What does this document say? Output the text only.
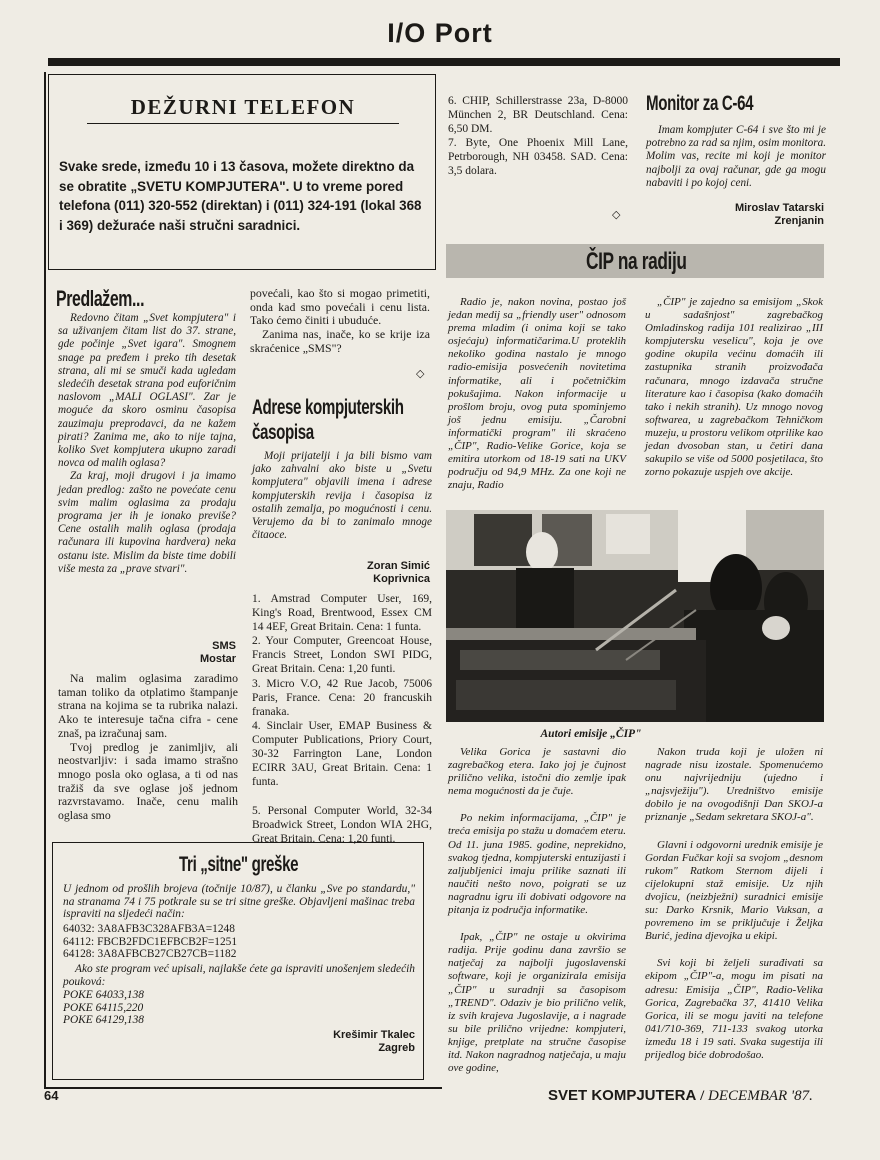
I/O Port
DEŽURNI TELEFON
Svake srede, između 10 i 13 časova, možete direktno da se obratite „SVETU KOMPJUTERA". U to vreme pored telefona (011) 320-552 (direktan) i (011) 324-191 (lokal 368 i 369) dežuraće naši stručni saradnici.
Predlažem...

Redovno čitam „Svet kompjutera" i sa uživanjem čitam list do 37. strane, gde počinje „Svet igara". Smognem snage pa pređem i preko tih desetak strana, ali mi se smuči kada ugledam sledećih desetak strana pod euforičnim naslovom „MALI OGLASI". Zar je moguće da skoro osminu časopisa zauzimaju preprodavci, da ne kažem pirati? Zanima me, ako to nije tajna, koliko Svet kompjutera ukupno zaradi novca od malih oglasa?

Za kraj, moji drugovi i ja imamo jedan predlog: zašto ne povećate cenu svim malim oglasima za prodaju programa jer ih je ionako previše? Cene ostalih malih oglasa (prodaja računara ili kupovina hardvera) neka ostanu iste. Mislim da biste time dobili više mesta za „prave stvari".

SMS
Mostar

Na malim oglasima zaradimo taman toliko da otplatimo štampanje strana na kojima se ta rubrika nalazi. Ako te interesuje tačna cifra - cene znaš, pa izračunaj sam.

Tvoj predlog je zanimljiv, ali neostvarljiv: i sada imamo strašno mnogo posla oko oglasa, a ti od nas tražiš da sve oglase još jednom razvrstavamo. Inače, cenu malih oglasa smo

povećali, kao što si mogao primetiti, onda kad smo povećali i cenu lista. Tako ćemo činiti i ubuduće.

Zanima nas, inače, ko se krije iza skraćenice „SMS"?

◇
Adrese kompjuterskih časopisa

Moji prijatelji i ja bili bismo vam jako zahvalni ako biste u „Svetu kompjutera" objavili imena i adrese kompjuterskih revija i časopisa iz ostalih zemalja, po mogućnosti i cenu. Verujemo da bi to zanimalo mnoge čitaoce.

Zoran Simić
Koprivnica

1. Amstrad Computer User, 169, King's Road, Brentwood, Essex CM 14 4EF, Great Britain. Cena: 1 funta.

2. Your Computer, Greencoat House, Francis Street, London SWI PIDG, Great Britain. Cena: 1,20 funti.

3. Micro V.O, 42 Rue Jacob, 75006 Paris, France. Cena: 20 francuskih franaka.

4. Sinclair User, EMAP Business & Computer Publications, Priory Court, 30-32 Farrington Lane, London ECIRR 3AU, Great Britain. Cena: 1 funta.

5. Personal Computer World, 32-34 Broadwick Street, London WIA 2HG, Great Britain. Cena: 1,20 funti.

6. CHIP, Schillerstrasse 23a, D-8000 München 2, BR Deutschland. Cena: 6,50 DM.

7. Byte, One Phoenix Mill Lane, Petrborough, NH 03458. SAD. Cena: 3,5 dolara.

◇
Monitor za C-64

Imam kompjuter C-64 i sve što mi je potrebno za rad sa njim, osim monitora. Molim vas, recite mi koji je monitor najbolji za ovaj računar, gde ga mogu nabaviti i po kojoj ceni.

Miroslav Tatarski
Zrenjanin
ČIP na radiju

Radio je, nakon novina, postao još jedan medij sa „friendly user" odnosom prema mladim (i onima koji se tako osjećaju) informatičarima.U proteklih nekoliko godina nastalo je mnogo radio-emisija posvećenih novitetima informatike, ali i početničkim pokušajima. Nakon informacije u prošlom broju, ovog puta spominjemo još jednu emisiju. „Čarobni informatički program" ili skraćeno „ČIP", Radio-Velike Gorice, koja se emitira utorkom od 18-19 sati na UKV području od 94,9 MHz. Za one koji ne znaju, Radio

„ČIP" je zajedno sa emisijom „Skok u sadašnjost" zagrebačkog Omladinskog radija 101 realizirao „III kompjutersku veselicu", koja je ove godine okupila većinu domaćih ili zastupnika stranih proizvođača računara, mnogo izdavača stručne literature kao i časopisa (kako domaćih tako i nekih stranih). Uz mnogo novog softwarea, u zagrebačkom Tehničkom muzeju, u prostoru velikom otprilike kao jedan dvosoban stan, u četiri dana sakupilo se više od 5000 posjetilaca, što zorno pokazuje uspjeh ove akcije.

Autori emisije „ČIP"

Velika Gorica je sastavni dio zagrebačkog etera. Iako joj je čujnost prilično velika, istočni dio zemlje ipak nema mogućnosti da je čuje.

Po nekim informacijama, „ČIP" je treća emisija po stažu u domaćem eteru. Od 11. juna 1985. godine, neprekidno, svakog tjedna, kompjuterski entuzijasti i zaljubljenici imaju prilike saznati ili naučiti nešto novo, poigrati se uz nagradnu igru ili dobivati odgovore na pitanja iz područja informatike.

Ipak, „ČIP" ne ostaje u okvirima radija. Prije godinu dana završio se natječaj za najbolji jugoslavenski software, koji je organizirala emisija „ČIP" u suradnji sa časopisom „TREND". Odaziv je bio prilično velik, iz svih krajeva Jugoslavije, a i nagrade su bile prilično vrijedne: kompjuteri, knjige, pretplate na stručne časopise itd. Nakon nagradnog natječaja, u maju ove godine,

Nakon truda koji je uložen ni nagrade nisu izostale. Spomenućemo onu najvrijedniju (ujedno i „najsvježiju"). Uredništvo emisije dobilo je na ovogodišnji Dan SKOJ-a priznanje „Sedam sekretara SKOJ-a".

Glavni i odgovorni urednik emisije je Gordan Fučkar koji sa svojom „desnom rukom" Ratkom Sternom dijeli i cijelokupni staž emisije. Uz njih dvojicu, (neizbježni) suradnici emisije su: Darko Krsnik, Mario Vuksan, a povremeno im se priključuje i Željka Burić, jedina djevojka u ekipi.

Svi koji bi željeli surađivati sa ekipom „ČIP"-a, mogu im pisati na adresu: Emisija „ČIP", Radio-Velika Gorica, Zagrebačka 37, 41410 Velika Gorica, ili se mogu javiti na telefone 041/710-369, 711-133 svakog utorka između 18 i 19 sati. Svaka sugestija ili prijedlog biće dobrodošao.

Tri „sitne" greške
U jednom od prošlih brojeva (točnije 10/87), u članku „Sve po standardu," na stranama 74 i 75 potkrale su se tri sitne greške. Objavljeni mašinac treba ispraviti na sljedeći način:
64032: 3A8AFB3C328AFB3A=1248
64112: FBCB2FDC1EFBCB2F=1251
64128: 3A8AFBCB27CB27CB=1182
Ako ste program već upisali, najlakše ćete ga ispraviti unošenjem sledećih pouková:
POKE 64033,138
POKE 64115,220
POKE 64129,138
Krešimir Tkalec
Zagreb
64	SVET KOMPJUTERA / DECEMBAR '87.
